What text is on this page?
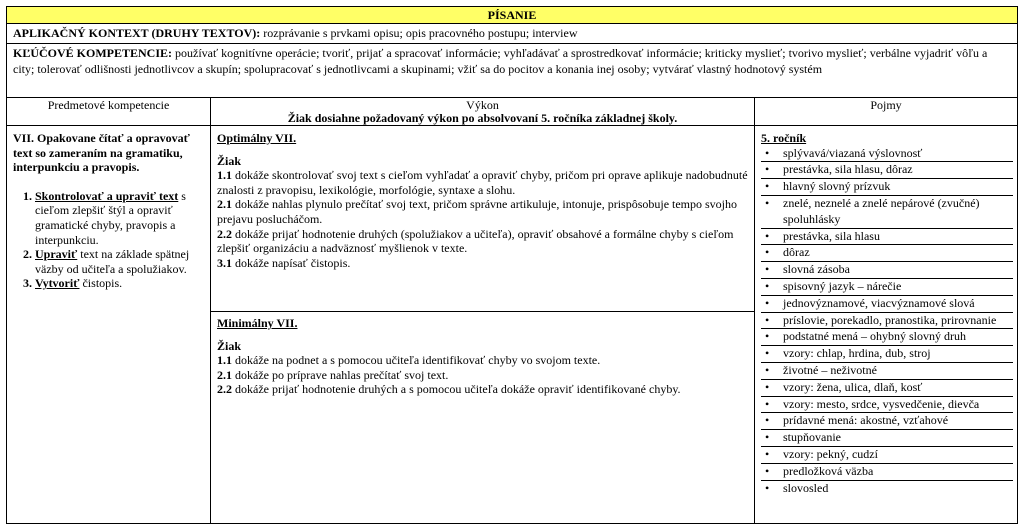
PÍSANIE
APLIKAČNÝ KONTEXT (DRUHY TEXTOV): rozprávanie s prvkami opisu; opis pracovného postupu; interview
KĽÚČOVÉ KOMPETENCIE: používať kognitívne operácie; tvoriť, prijať a spracovať informácie; vyhľadávať a sprostredkovať informácie; kriticky myslieť; tvorivo myslieť; verbálne vyjadriť vôľu a city; tolerovať odlišnosti jednotlivcov a skupín; spolupracovať s jednotlivcami a skupinami; vžiť sa do pocitov a konania inej osoby; vytvárať vlastný hodnotový systém
Predmetové kompetencie
VII. Opakovane čítať a opravovať text so zameraním na gramatiku, interpunkciu a pravopis.
1. Skontrolovať a upraviť text s cieľom zlepšiť štýl a opraviť gramatické chyby, pravopis a interpunkciu.
2. Upraviť text na základe spätnej väzby od učiteľa a spolužiakov.
3. Vytvoriť čistopis.
Výkon
Žiak dosiahne požadovaný výkon po absolvovaní 5. ročníka základnej školy.
Optimálny VII.
Žiak
1.1 dokáže skontrolovať svoj text s cieľom vyhľadať a opraviť chyby, pričom pri oprave aplikuje nadobudnuté znalosti z pravopisu, lexikológie, morfológie, syntaxe a slohu.
2.1 dokáže nahlas plynulo prečítať svoj text, pričom správne artikuluje, intonuje, prispôsobuje tempo svojho prejavu poslucháčom.
2.2 dokáže prijať hodnotenie druhých (spolužiakov a učiteľa), opraviť obsahové a formálne chyby s cieľom zlepšiť organizáciu a nadväznosť myšlienok v texte.
3.1 dokáže napísať čistopis.
Minimálny VII.
Žiak
1.1 dokáže na podnet a s pomocou učiteľa identifikovať chyby vo svojom texte.
2.1 dokáže po príprave nahlas prečítať svoj text.
2.2 dokáže prijať hodnotenie druhých a s pomocou učiteľa dokáže opraviť identifikované chyby.
Pojmy
5. ročník
• splývavá/viazaná výslovnosť
• prestávka, sila hlasu, dôraz
• hlavný slovný prízvuk
• znelé, neznelé a znelé nepárové (zvučné) spoluhlásky
• prestávka, sila hlasu
• dôraz
• slovná zásoba
• spisovný jazyk – nárečie
• jednovýznamové, viacvýznamové slová
• príslovie, porekadlo, pranostika, prirovnanie
• podstatné mená – ohybný slovný druh
• vzory: chlap, hrdina, dub, stroj
• životné – neživotné
• vzory: žena, ulica, dlaň, kosť
• vzory: mesto, srdce, vysvedčenie, dievča
• prídavné mená: akostné, vzťahové
• stupňovanie
• vzory: pekný, cudzí
• predložková väzba
• slovosled
